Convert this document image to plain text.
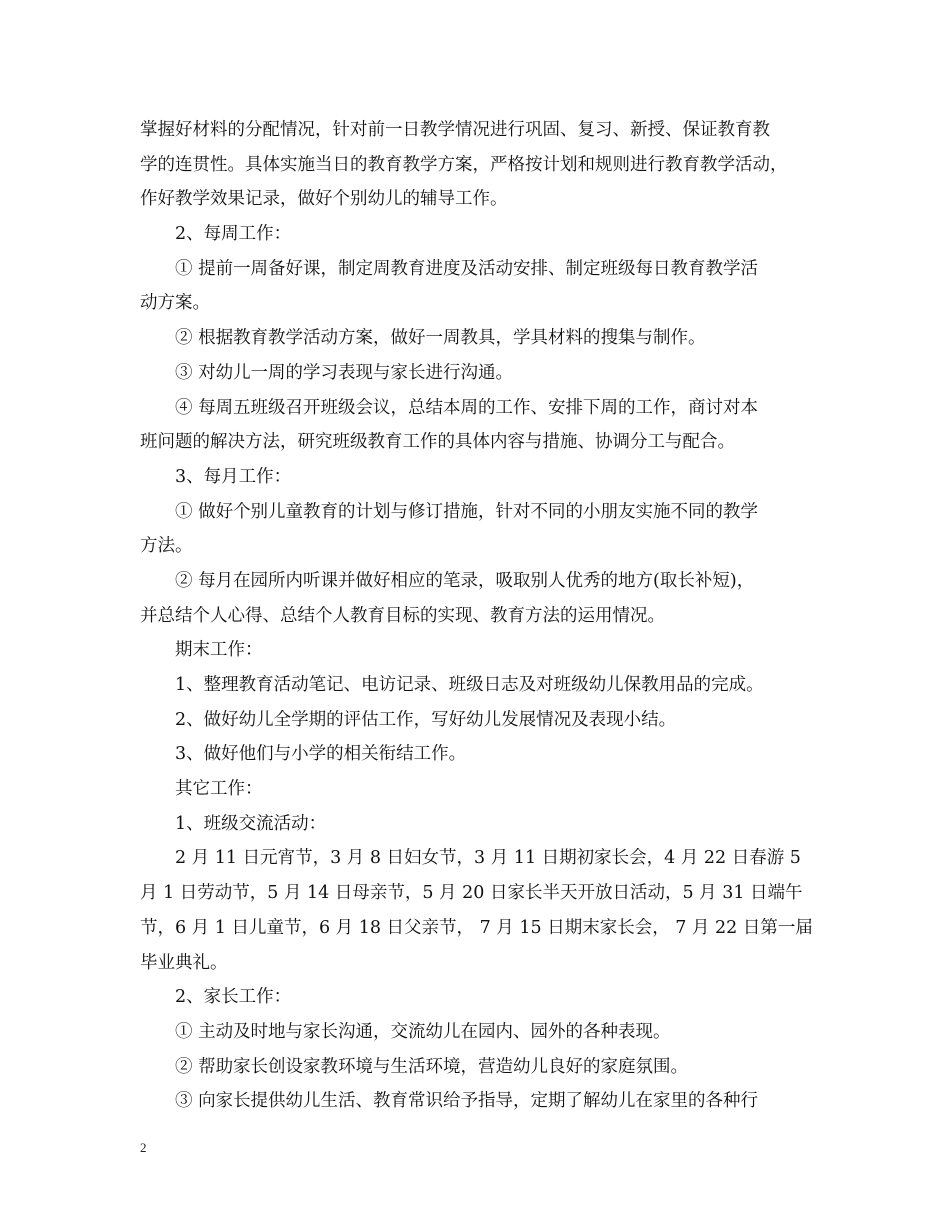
掌握好材料的分配情况，针对前一日教学情况进行巩固、复习、新授、保证教育教
学的连贯性。具体实施当日的教育教学方案，严格按计划和规则进行教育教学活动，
作好教学效果记录，做好个别幼儿的辅导工作。
2、每周工作：
① 提前一周备好课，制定周教育进度及活动安排、制定班级每日教育教学活
动方案。
② 根据教育教学活动方案，做好一周教具，学具材料的搜集与制作。
③ 对幼儿一周的学习表现与家长进行沟通。
④ 每周五班级召开班级会议，总结本周的工作、安排下周的工作，商讨对本
班问题的解决方法，研究班级教育工作的具体内容与措施、协调分工与配合。
3、每月工作：
① 做好个别儿童教育的计划与修订措施，针对不同的小朋友实施不同的教学
方法。
② 每月在园所内听课并做好相应的笔录，吸取别人优秀的地方(取长补短)，
并总结个人心得、总结个人教育目标的实现、教育方法的运用情况。
期末工作：
1、整理教育活动笔记、电访记录、班级日志及对班级幼儿保教用品的完成。
2、做好幼儿全学期的评估工作，写好幼儿发展情况及表现小结。
3、做好他们与小学的相关衔结工作。
其它工作：
1、班级交流活动：
2 月 11 日元宵节，3 月 8 日妇女节，3 月 11 日期初家长会，4 月 22 日春游 5
月 1 日劳动节，5 月 14 日母亲节，5 月 20 日家长半天开放日活动，5 月 31 日端午
节，6 月 1 日儿童节，6 月 18 日父亲节， 7 月 15 日期末家长会， 7 月 22 日第一届
毕业典礼。
2、家长工作：
① 主动及时地与家长沟通，交流幼儿在园内、园外的各种表现。
② 帮助家长创设家教环境与生活环境，营造幼儿良好的家庭氛围。
③ 向家长提供幼儿生活、教育常识给予指导，定期了解幼儿在家里的各种行
2
